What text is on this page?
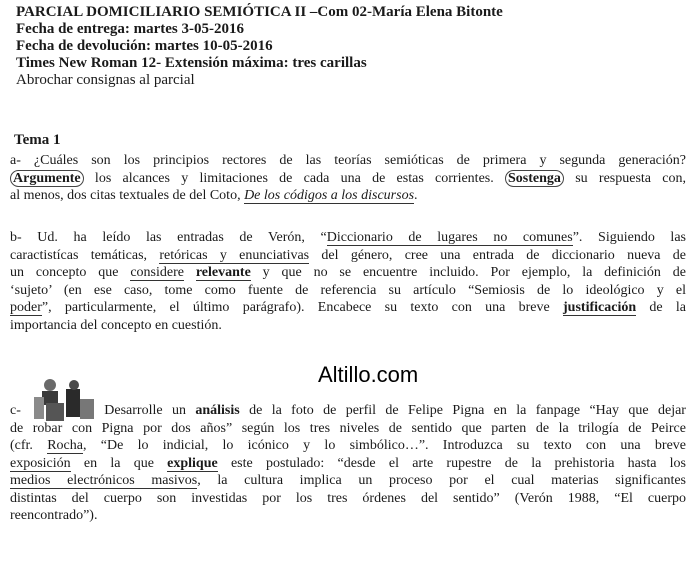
PARCIAL DOMICILIARIO SEMIÓTICA II –Com 02-María Elena Bitonte
Fecha de entrega: martes 3-05-2016
Fecha de devolución: martes 10-05-2016
Times New Roman 12- Extensión máxima: tres carillas
Abrochar consignas al parcial
Tema 1
a- ¿Cuáles son los principios rectores de las teorías semióticas de primera y segunda generación?
Argumente los alcances y limitaciones de cada una de estas corrientes. Sostenga su respuesta con,
al menos, dos citas textuales de del Coto, De los códigos a los discursos.
b- Ud. ha leído las entradas de Verón, “Diccionario de lugares no comunes”. Siguiendo las
caractistícas temáticas, retóricas y enunciativas del género, cree una entrada de diccionario nueva de
un concepto que considere relevante y que no se encuentre incluido. Por ejemplo, la definición de
‘sujeto’ (en ese caso, tome como fuente de referencia su artículo “Semiosis de lo ideológico y el
poder”, particularmente, el último parágrafo). Encabece su texto con una breve justificación de la
importancia del concepto en cuestión.
Altillo.com
c-	Desarrolle un análisis de la foto de perfil de Felipe Pigna en la fanpage “Hay que dejar
de robar con Pigna por dos años” según los tres niveles de sentido que parten de la trilogía de Peirce
(cfr. Rocha, “De lo indicial, lo icónico y lo simbólico…”. Introduzca su texto con una breve
exposición en la que explique este postulado: “desde el arte rupestre de la prehistoria hasta los
medios electrónicos masivos, la cultura implica un proceso por el cual materias significantes
distintas del cuerpo son investidas por los tres órdenes del sentido” (Verón 1988, “El cuerpo
reencontrado”).
